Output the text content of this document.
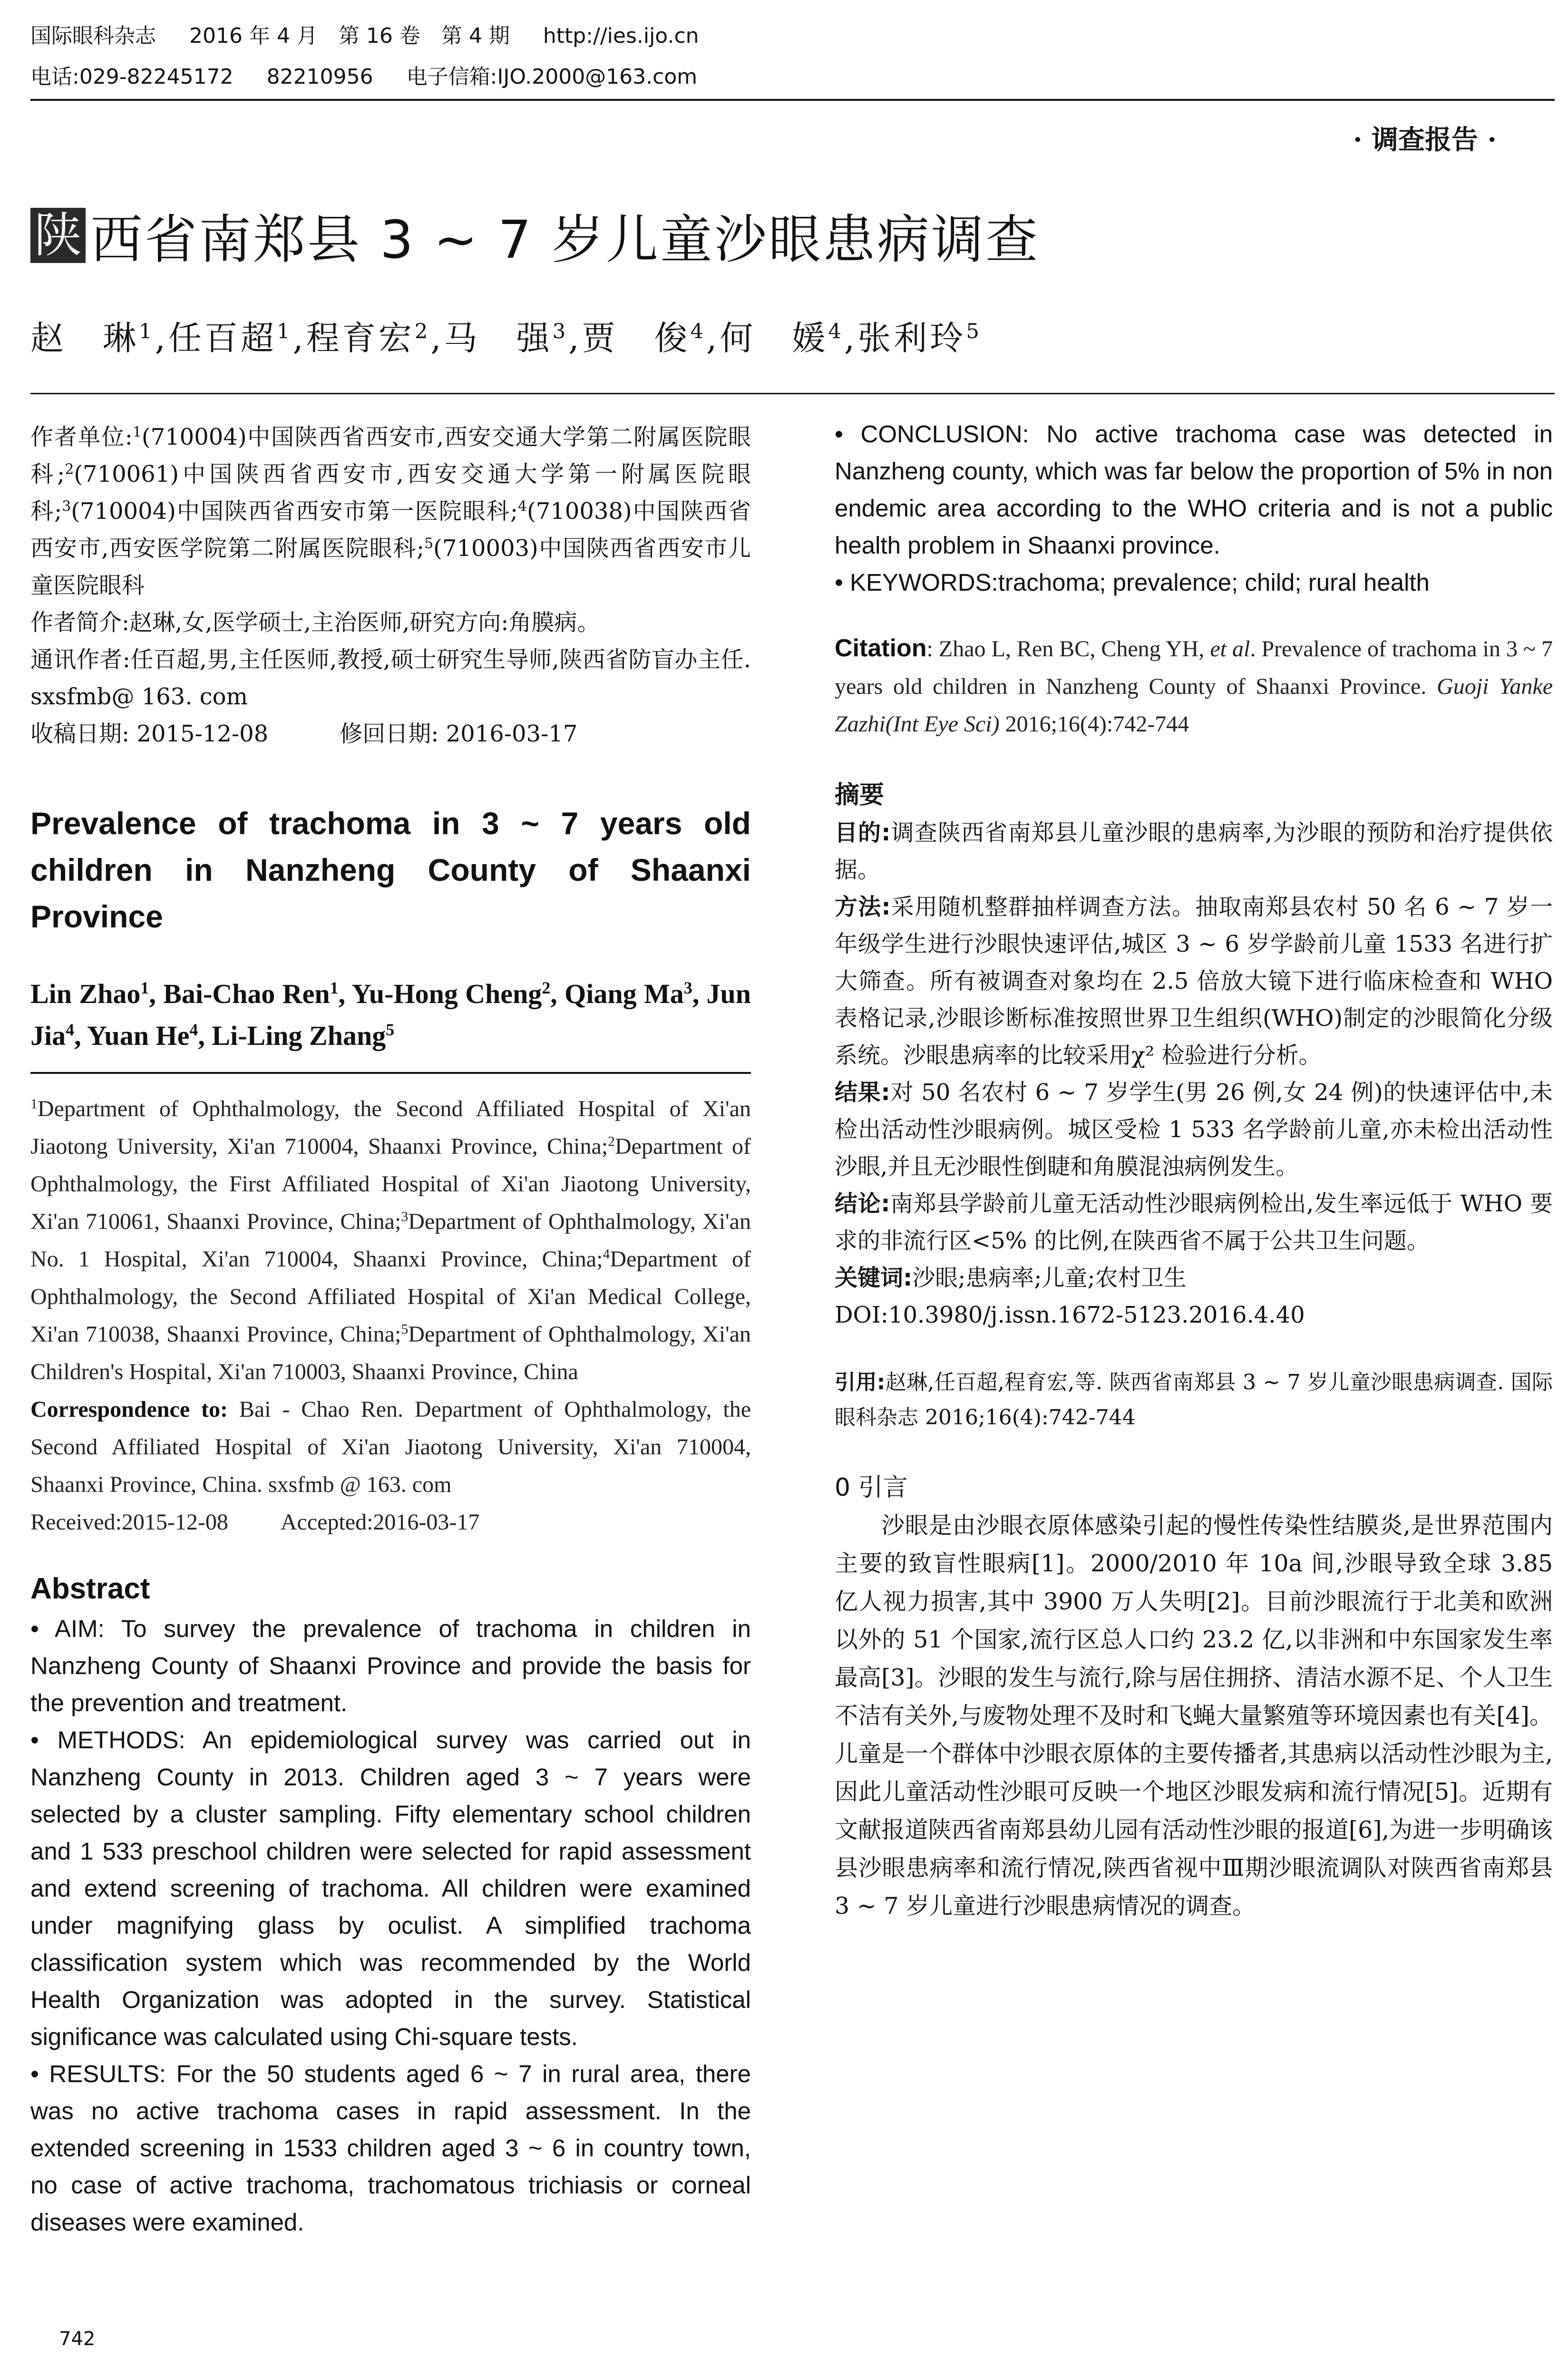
国际眼科杂志 2016 年 4 月　第 16 卷　第 4 期 http://ies.ijo.cn
电话:029-82245172 82210956 电子信箱:IJO.2000@163.com
· 调查报告 ·
陕 西省南郑县 3 ~ 7 岁儿童沙眼患病调查
赵　琳$^1$,任百超$^1$,程育宏$^2$,马　强$^3$,贾　俊$^4$,何　媛$^4$,张利玲$^5$
作者单位:$^1$(710004)中国陕西省西安市,西安交通大学第二附属医院眼科;$^2$(710061)中国陕西省西安市,西安交通大学第一附属医院眼科;$^3$(710004)中国陕西省西安市第一医院眼科;$^4$(710038)中国陕西省西安市,西安医学院第二附属医院眼科;$^5$(710003)中国陕西省西安市儿童医院眼科
作者简介:赵琳,女,医学硕士,主治医师,研究方向:角膜病。
通讯作者:任百超,男,主任医师,教授,硕士研究生导师,陕西省防盲办主任. sxsfmb@ 163. com
收稿日期: 2015-12-08	修回日期: 2016-03-17
Prevalence of trachoma in 3 ~ 7 years old children in Nanzheng County of Shaanxi Province
Lin Zhao$^1$, Bai-Chao Ren$^1$, Yu-Hong Cheng$^2$, Qiang Ma$^3$, Jun Jia$^4$, Yuan He$^4$, Li-Ling Zhang$^5$
$^1$Department of Ophthalmology, the Second Affiliated Hospital of Xi'an Jiaotong University, Xi'an 710004, Shaanxi Province, China;$^2$Department of Ophthalmology, the First Affiliated Hospital of Xi'an Jiaotong University, Xi'an 710061, Shaanxi Province, China;$^3$Department of Ophthalmology, Xi'an No. 1 Hospital, Xi'an 710004, Shaanxi Province, China;$^4$Department of Ophthalmology, the Second Affiliated Hospital of Xi'an Medical College, Xi'an 710038, Shaanxi Province, China;$^5$Department of Ophthalmology, Xi'an Children's Hospital, Xi'an 710003, Shaanxi Province, China
Correspondence to: Bai - Chao Ren. Department of Ophthalmology, the Second Affiliated Hospital of Xi'an Jiaotong University, Xi'an 710004, Shaanxi Province, China. sxsfmb @ 163. com
Received:2015-12-08 Accepted:2016-03-17
Abstract

• AIM: To survey the prevalence of trachoma in children in Nanzheng County of Shaanxi Province and provide the basis for the prevention and treatment.

• METHODS: An epidemiological survey was carried out in Nanzheng County in 2013. Children aged 3 ~ 7 years were selected by a cluster sampling. Fifty elementary school children and 1 533 preschool children were selected for rapid assessment and extend screening of trachoma. All children were examined under magnifying glass by oculist. A simplified trachoma classification system which was recommended by the World Health Organization was adopted in the survey. Statistical significance was calculated using Chi-square tests.

• RESULTS: For the 50 students aged 6 ~ 7 in rural area, there was no active trachoma cases in rapid assessment. In the extended screening in 1533 children aged 3 ~ 6 in country town, no case of active trachoma, trachomatous trichiasis or corneal diseases were examined.

• CONCLUSION: No active trachoma case was detected in Nanzheng county, which was far below the proportion of 5% in non endemic area according to the WHO criteria and is not a public health problem in Shaanxi province.

• KEYWORDS:trachoma; prevalence; child; rural health

Citation: Zhao L, Ren BC, Cheng YH, et al. Prevalence of trachoma in 3 ~ 7 years old children in Nanzheng County of Shaanxi Province. Guoji Yanke Zazhi(Int Eye Sci) 2016;16(4):742-744

摘要

目的:调查陕西省南郑县儿童沙眼的患病率,为沙眼的预防和治疗提供依据。

方法:采用随机整群抽样调查方法。抽取南郑县农村 50 名 6 ~ 7 岁一年级学生进行沙眼快速评估,城区 3 ~ 6 岁学龄前儿童 1533 名进行扩大筛查。所有被调查对象均在 2.5 倍放大镜下进行临床检查和 WHO 表格记录,沙眼诊断标准按照世界卫生组织(WHO)制定的沙眼简化分级系统。沙眼患病率的比较采用χ² 检验进行分析。

结果:对 50 名农村 6 ~ 7 岁学生(男 26 例,女 24 例)的快速评估中,未检出活动性沙眼病例。城区受检 1 533 名学龄前儿童,亦未检出活动性沙眼,并且无沙眼性倒睫和角膜混浊病例发生。

结论:南郑县学龄前儿童无活动性沙眼病例检出,发生率远低于 WHO 要求的非流行区<5% 的比例,在陕西省不属于公共卫生问题。

关键词:沙眼;患病率;儿童;农村卫生

DOI:10.3980/j.issn.1672-5123.2016.4.40

引用:赵琳,任百超,程育宏,等. 陕西省南郑县 3 ~ 7 岁儿童沙眼患病调查. 国际眼科杂志 2016;16(4):742-744

0 引言

沙眼是由沙眼衣原体感染引起的慢性传染性结膜炎,是世界范围内主要的致盲性眼病[1]。2000/2010 年 10a 间,沙眼导致全球 3.85 亿人视力损害,其中 3900 万人失明[2]。目前沙眼流行于北美和欧洲以外的 51 个国家,流行区总人口约 23.2 亿,以非洲和中东国家发生率最高[3]。沙眼的发生与流行,除与居住拥挤、清洁水源不足、个人卫生不洁有关外,与废物处理不及时和飞蝇大量繁殖等环境因素也有关[4]。儿童是一个群体中沙眼衣原体的主要传播者,其患病以活动性沙眼为主,因此儿童活动性沙眼可反映一个地区沙眼发病和流行情况[5]。近期有文献报道陕西省南郑县幼儿园有活动性沙眼的报道[6],为进一步明确该县沙眼患病率和流行情况,陕西省视中Ⅲ期沙眼流调队对陕西省南郑县 3 ~ 7 岁儿童进行沙眼患病情况的调查。

742
